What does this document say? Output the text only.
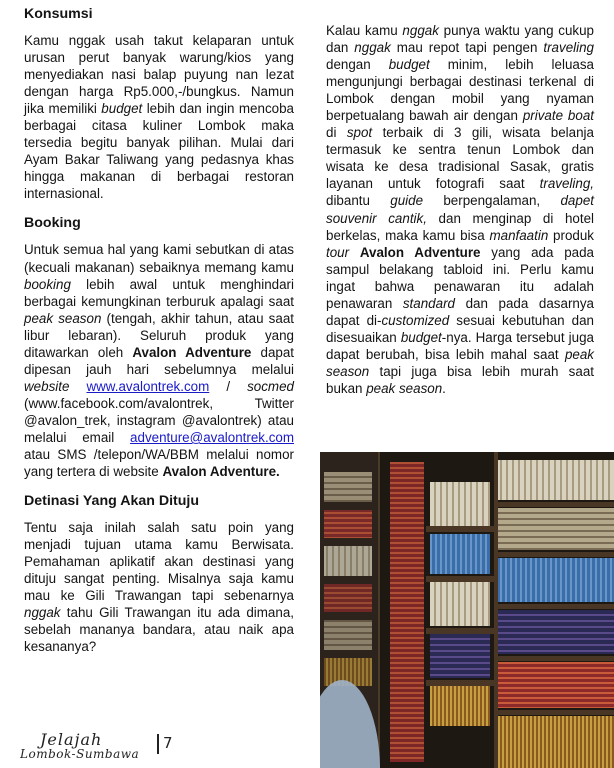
Konsumsi

Kamu nggak usah takut kelaparan untuk urusan perut banyak warung/kios yang menyediakan nasi balap puyung nan lezat dengan harga Rp5.000,-/bungkus. Namun jika memiliki budget lebih dan ingin mencoba berbagai citasa kuliner Lombok maka tersedia begitu banyak pilihan. Mulai dari Ayam Bakar Taliwang yang pedasnya khas hingga makanan di berbagai restoran internasional.

Booking

Untuk semua hal yang kami sebutkan di atas (kecuali makanan) sebaiknya memang kamu booking lebih awal untuk menghindari berbagai kemungkinan terburuk apalagi saat peak season (tengah, akhir tahun, atau saat libur lebaran). Seluruh produk yang ditawarkan oleh Avalon Adventure dapat dipesan jauh hari sebelumnya melalui website www.avalontrek.com / socmed (www.facebook.com/avalontrek, Twitter @avalon_trek, instagram @avalontrek) atau melalui email adventure@avalontrek.com atau SMS /telepon/WA/BBM melalui nomor yang tertera di website Avalon Adventure.

Detinasi Yang Akan Dituju

Tentu saja inilah salah satu poin yang menjadi tujuan utama kamu Berwisata. Pemahaman aplikatif akan destinasi yang dituju sangat penting. Misalnya saja kamu mau ke Gili Trawangan tapi sebenarnya nggak tahu Gili Trawangan itu ada dimana, sebelah mananya bandara, atau naik apa kesananya?

Kalau kamu nggak punya waktu yang cukup dan nggak mau repot tapi pengen traveling dengan budget minim, lebih leluasa mengunjungi berbagai destinasi terkenal di Lombok dengan mobil yang nyaman berpetualang bawah air dengan private boat di spot terbaik di 3 gili, wisata belanja termasuk ke sentra tenun Lombok dan wisata ke desa tradisional Sasak, gratis layanan untuk fotografi saat traveling, dibantu guide berpengalaman, dapet souvenir cantik, dan menginap di hotel berkelas, maka kamu bisa manfaatin produk tour Avalon Adventure yang ada pada sampul belakang tabloid ini. Perlu kamu ingat bahwa penawaran itu adalah penawaran standard dan pada dasarnya dapat di-customized sesuai kebutuhan dan disesuaikan budget-nya. Harga tersebut juga dapat berubah, bisa lebih mahal saat peak season tapi juga bisa lebih murah saat bukan peak season.

Jelajah
Lombok-Sumbawa
7
